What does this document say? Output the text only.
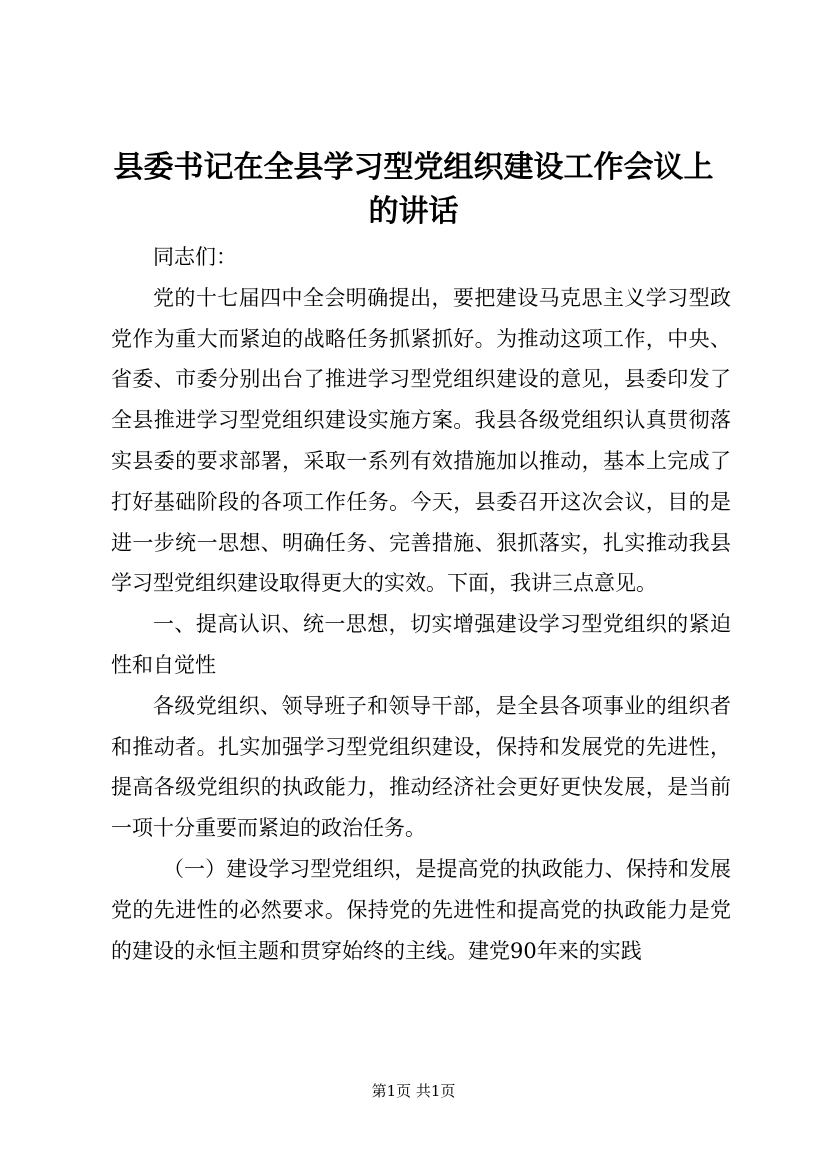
县委书记在全县学习型党组织建设工作会议上
的讲话

同志们：

党的十七届四中全会明确提出，要把建设马克思主义学习型政党作为重大而紧迫的战略任务抓紧抓好。为推动这项工作，中央、省委、市委分别出台了推进学习型党组织建设的意见，县委印发了全县推进学习型党组织建设实施方案。我县各级党组织认真贯彻落实县委的要求部署，采取一系列有效措施加以推动，基本上完成了打好基础阶段的各项工作任务。今天，县委召开这次会议，目的是进一步统一思想、明确任务、完善措施、狠抓落实，扎实推动我县学习型党组织建设取得更大的实效。下面，我讲三点意见。

一、提高认识、统一思想，切实增强建设学习型党组织的紧迫性和自觉性

各级党组织、领导班子和领导干部，是全县各项事业的组织者和推动者。扎实加强学习型党组织建设，保持和发展党的先进性，提高各级党组织的执政能力，推动经济社会更好更快发展，是当前一项十分重要而紧迫的政治任务。

（一）建设学习型党组织，是提高党的执政能力、保持和发展党的先进性的必然要求。保持党的先进性和提高党的执政能力是党的建设的永恒主题和贯穿始终的主线。建党90年来的实践

第1页 共1页
